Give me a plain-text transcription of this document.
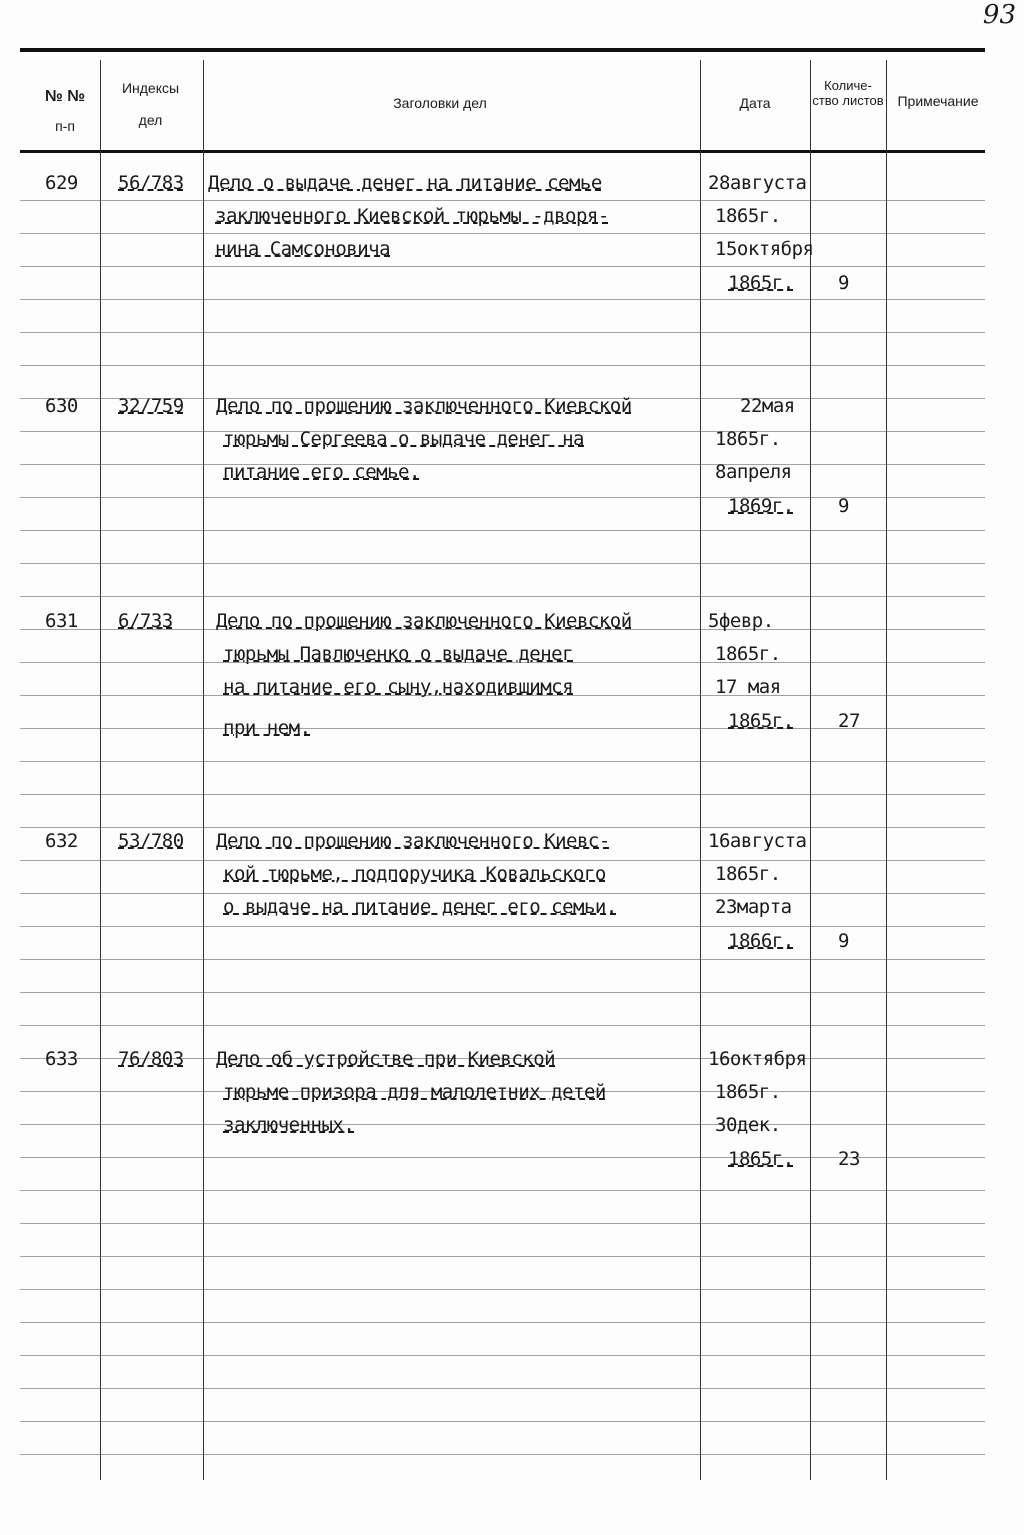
93
№ №
п-п
Индексы
дел
Заголовки дел	Дата
Количе- ство листов Примечание
629 56/783 Дело о выдаче денег на питание семье
заключенного Киевской тюрьмы -дворя-
нина Самсоновича
28августа
1865г.
15октября
1865г. 9
630 32/759 Дело по прошению заключенного Киевской
тюрьмы Сергеева о выдаче денег на
питание его семье.
22мая
1865г.
8апреля
1869г. 9
631 6/733 Дело по прошению заключенного Киевской
тюрьмы Павлюченко о выдаче денег
на питание его сыну,находившимся
при нем.
5февр.
1865г.
17 мая
1865г. 27
632 53/780 Дело по прошению заключенного Киевс-
кой тюрьме, подпоручика Ковальского
о выдаче на питание денег его семьи.
16августа
1865г.
23марта
1866г. 9
633 76/803 Дело об устройстве при Киевской
тюрьме призора для малолетних детей
заключенных.
16октября
1865г.
30дек.
1865г. 23
